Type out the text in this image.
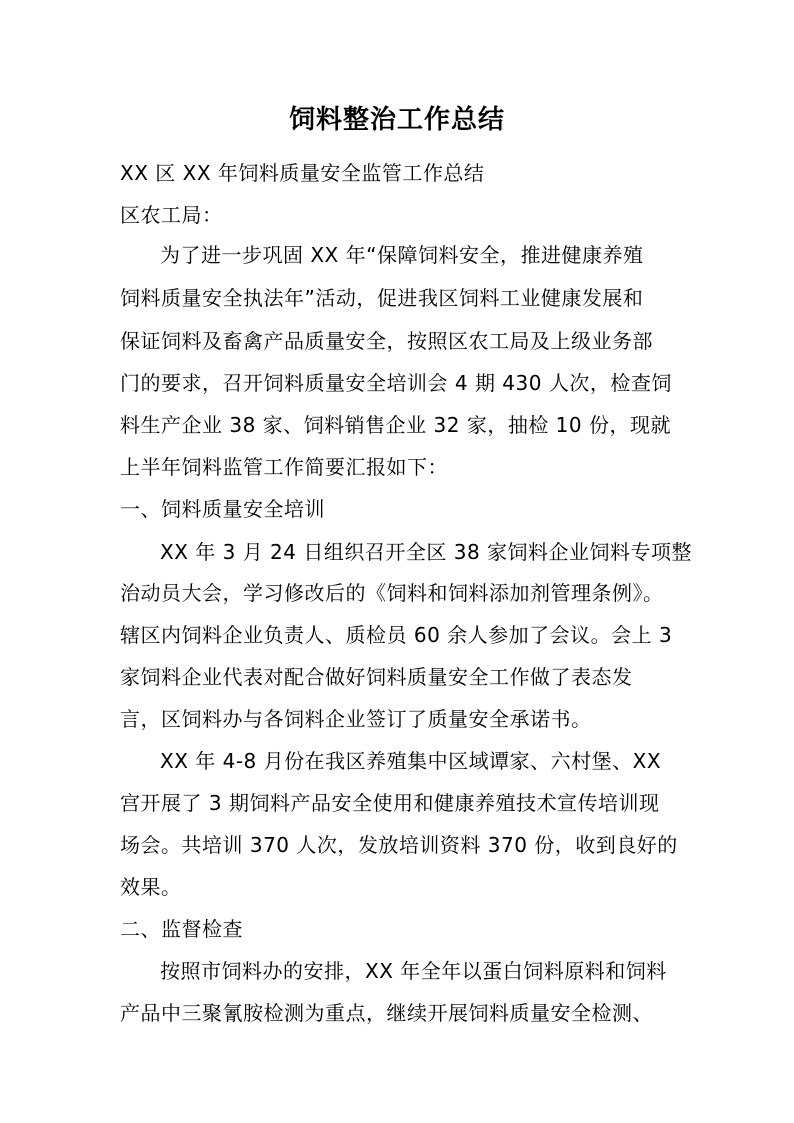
饲料整治工作总结
XX 区 XX 年饲料质量安全监管工作总结
区农工局：
为了进一步巩固 XX 年“保障饲料安全，推进健康养殖
饲料质量安全执法年”活动，促进我区饲料工业健康发展和
保证饲料及畜禽产品质量安全，按照区农工局及上级业务部
门的要求，召开饲料质量安全培训会 4 期 430 人次，检查饲
料生产企业 38 家、饲料销售企业 32 家，抽检 10 份，现就
上半年饲料监管工作简要汇报如下：
一、饲料质量安全培训
XX 年 3 月 24 日组织召开全区 38 家饲料企业饲料专项整
治动员大会，学习修改后的《饲料和饲料添加剂管理条例》。
辖区内饲料企业负责人、质检员 60 余人参加了会议。会上 3
家饲料企业代表对配合做好饲料质量安全工作做了表态发
言，区饲料办与各饲料企业签订了质量安全承诺书。
XX 年 4-8 月份在我区养殖集中区域谭家、六村堡、XX
宫开展了 3 期饲料产品安全使用和健康养殖技术宣传培训现
场会。共培训 370 人次，发放培训资料 370 份，收到良好的
效果。
二、监督检查
按照市饲料办的安排，XX 年全年以蛋白饲料原料和饲料
产品中三聚氰胺检测为重点，继续开展饲料质量安全检测、
